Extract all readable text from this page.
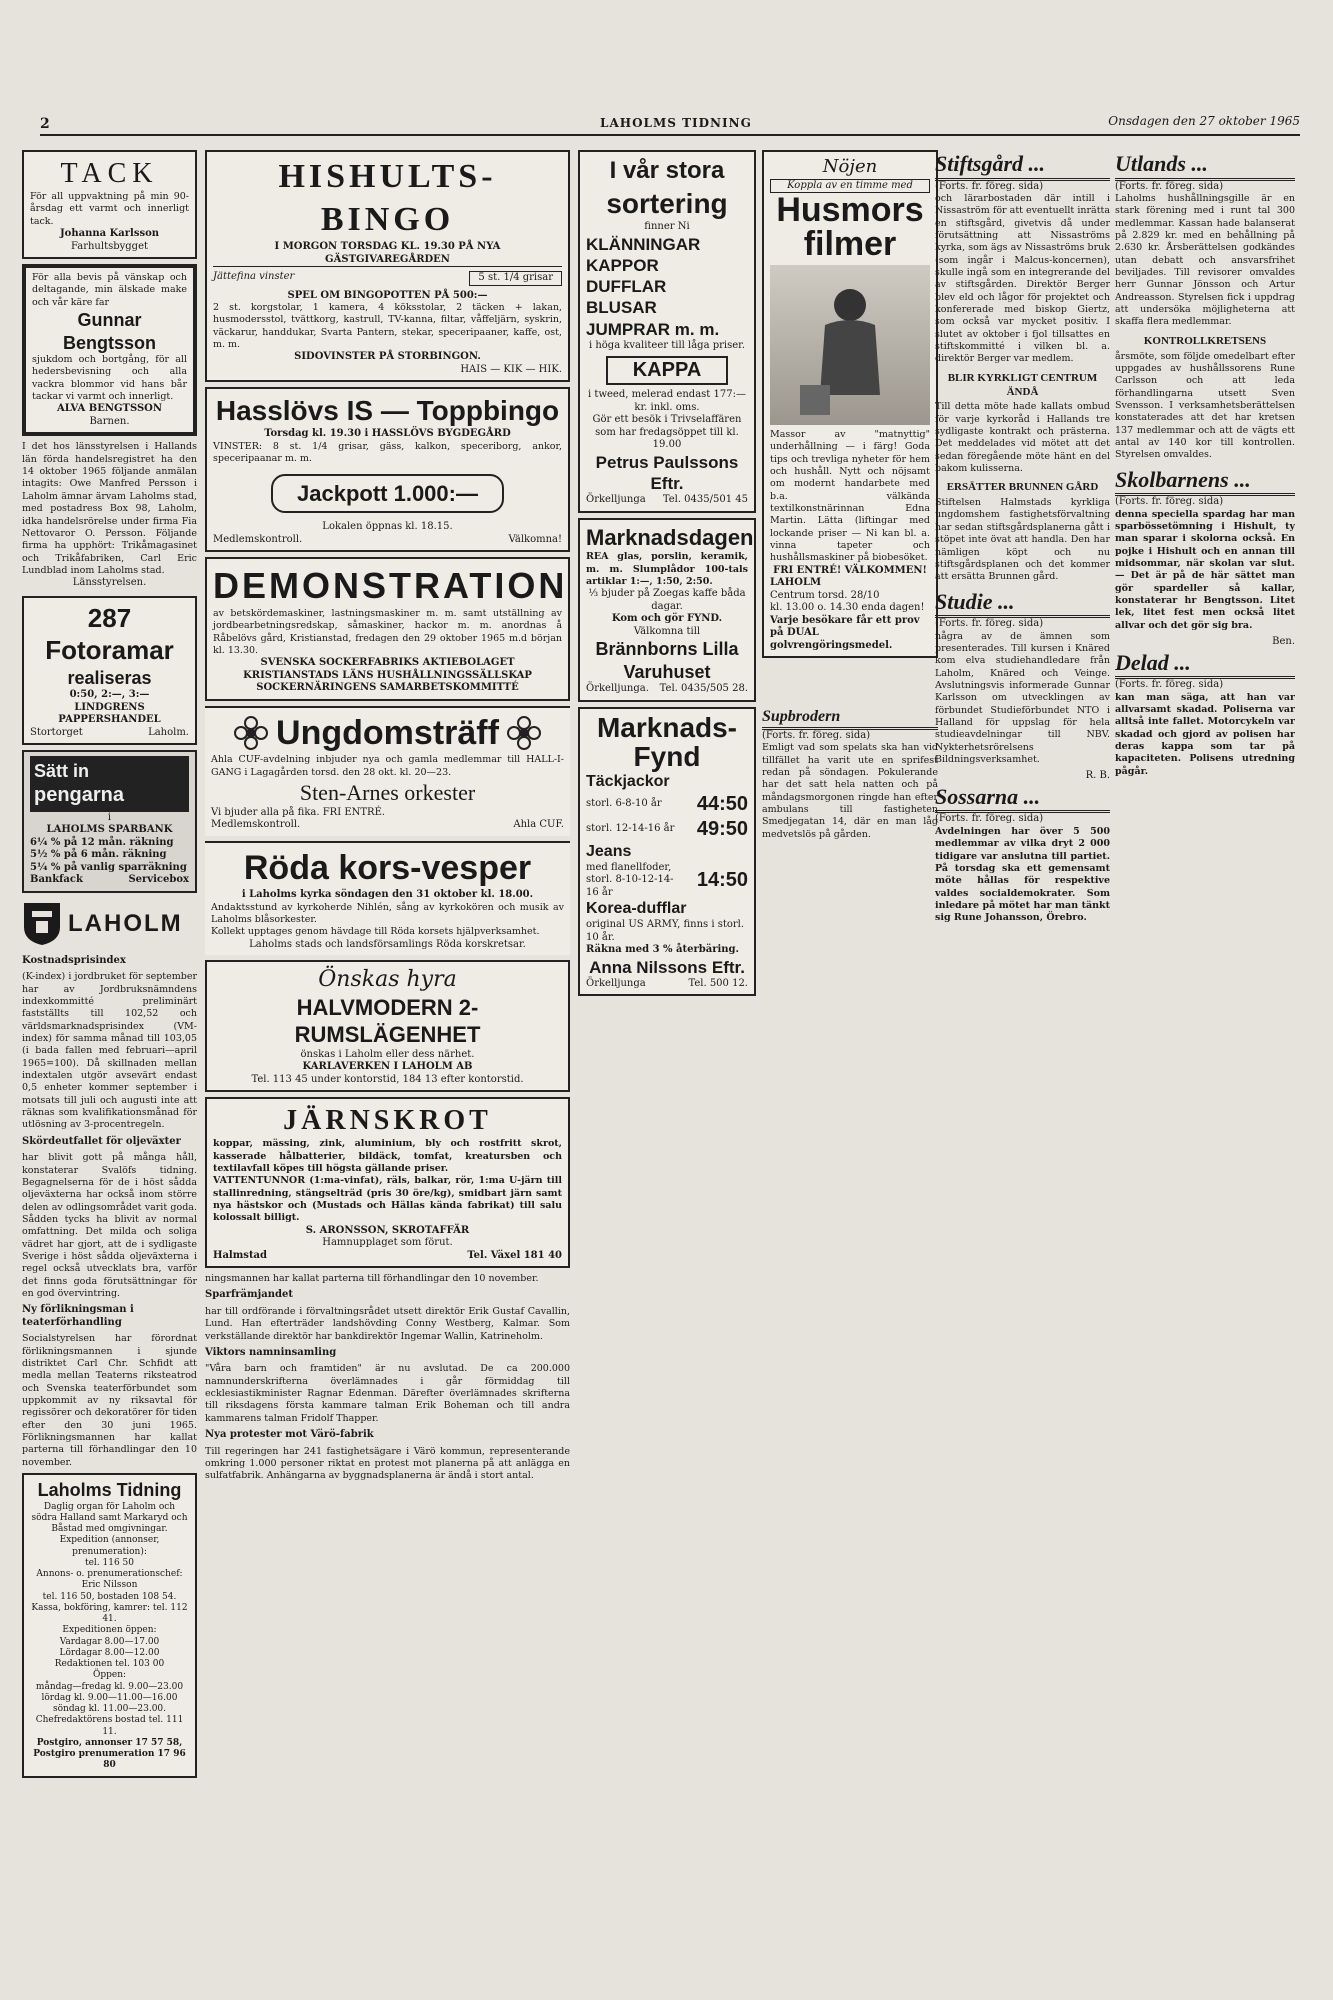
2	LAHOLMS TIDNING	Onsdagen den 27 oktober 1965
TACK
För all uppvaktning på min 90-årsdag ett varmt och innerligt tack.
Johanna Karlsson
Farhultsbygget
För alla bevis på vänskap och deltagande, min älskade make och vår käre far
Gunnar
Bengtsson
sjukdom och bortgång, för all hedersbevisning och alla vackra blommor vid hans bår tackar vi varmt och innerligt.
ALVA BENGTSSON
Barnen.
I det hos länsstyrelsen i Hallands län förda handelsregistret ha den 14 oktober 1965 följande anmälan intagits: Owe Manfred Persson i Laholm ämnar ärvam Laholms stad, med postadress Box 98, Laholm, idka handelsrörelse under firma Fia Nettovaror O. Persson. Följande firma ha upphört: Trikåmagasinet och Trikåfabriken, Carl Eric Lundblad inom Laholms stad.
Länsstyrelsen.
287 Fotoramar
realiseras
0:50, 2:—, 3:—
LINDGRENS PAPPERSHANDEL
Stortorget	Laholm.
Sätt in
pengarna
i
LAHOLMS SPARBANK
6¼ % på 12 mån. räkning
5½ % på 6 mån. räkning
5¼ % på vanlig sparräkning
Bankfack	Servicebox
LAHOLM
Kostnadsprisindex
(K-index) i jordbruket för september har av Jordbruksnämndens indexkommitté preliminärt fastställts till 102,52 och världsmarknadsprisindex (VM-index) för samma månad till 103,05 (i bada fallen med februari—april 1965=100). Då skillnaden mellan indextalen utgör avsevärt endast 0,5 enheter kommer september i motsats till juli och augusti inte att räknas som kvalifikationsmånad för utlösning av 3-procentregeln.
Skördeutfallet för oljeväxter
har blivit gott på många håll, konstaterar Svalöfs tidning. Begagnelserna för de i höst sådda oljeväxterna har också inom större delen av odlingsområdet varit goda. Sådden tycks ha blivit av normal omfattning. Det milda och soliga vädret har gjort, att de i sydligaste Sverige i höst sådda oljeväxterna i regel också utvecklats bra, varför det finns goda förutsättningar för en god övervintring.
Ny förlikningsman i teaterförhandling
Socialstyrelsen har förordnat förlikningsmannen i sjunde distriktet Carl Chr. Schfidt att medla mellan Teaterns riksteatrod och Svenska teaterförbundet som uppkommit av ny riksavtal för regissörer och dekoratörer för tiden efter den 30 juni 1965. Förlikningsmannen har kallat parterna till förhandlingar den 10 november.
Laholms Tidning
Daglig organ för Laholm och södra Halland samt Markaryd och Båstad med omgivningar.
Expedition (annonser, prenumeration):
tel. 116 50
Annons- o. prenumerationschef: Eric Nilsson
tel. 116 50, bostaden 108 54.
Kassa, bokföring, kamrer: tel. 112 41.
Expeditionen öppen:
Vardagar 8.00—17.00
Lördagar 8.00—12.00
Redaktionen tel. 103 00
Öppen:
måndag—fredag kl. 9.00—23.00
lördag kl. 9.00—11.00—16.00
söndag kl. 11.00—23.00.
Chefredaktörens bostad tel. 111 11.
Postgiro, annonser 17 57 58,
Postgiro prenumeration 17 96 80
HISHULTS-BINGO
I MORGON TORSDAG KL. 19.30 PÅ NYA GÄSTGIVAREGÅRDEN
Jättefina vinster	5 st. 1/4 grisar
SPEL OM BINGOPOTTEN PÅ 500:—
2 st. korgstolar, 1 kamera, 4 köksstolar, 2 täcken + lakan, husmodersstol, tvättkorg, kastrull, TV-kanna, filtar, våffeljärn, syskrin, väckarur, handdukar, Svarta Pantern, stekar, speceripaaner, kaffe, ost, m. m.
SIDOVINSTER PÅ STORBINGON.
HAIS — KIK — HIK.
Hasslövs IS — Toppbingo
Torsdag kl. 19.30 i HASSLÖVS BYGDEGÅRD
VINSTER: 8 st. 1/4 grisar, gäss, kalkon, speceriborg, ankor, speceripaanar m. m.
Jackpott 1.000:—
Lokalen öppnas kl. 18.15.
Medlemskontroll.	Välkomna!
DEMONSTRATION
av betskördemaskiner, lastningsmaskiner m. m. samt utställning av jordbearbetningsredskap, såmaskiner, hackor m. m. anordnas å Råbelövs gård, Kristianstad, fredagen den 29 oktober 1965 m.d början kl. 13.30.
SVENSKA SOCKERFABRIKS AKTIEBOLAGET KRISTIANSTADS LÄNS HUSHÅLLNINGSSÄLLSKAP SOCKERNÄRINGENS SAMARBETSKOMMITTÉ
Ungdomsträff
Ahla CUF-avdelning inbjuder nya och gamla medlemmar till HALL-I-GANG i Lagagården torsd. den 28 okt. kl. 20—23.
Sten-Arnes orkester
Vi bjuder alla på fika. FRI ENTRÉ.
Medlemskontroll.	Ahla CUF.
Röda kors-vesper
i Laholms kyrka söndagen den 31 oktober kl. 18.00.
Andaktsstund av kyrkoherde Nihlén, sång av kyrkokören och musik av Laholms blåsorkester.
Kollekt upptages genom hävdage till Röda korsets hjälpverksamhet.
Laholms stads och landsförsamlings Röda korskretsar.
Önskas hyra
HALVMODERN 2-RUMSLÄGENHET
önskas i Laholm eller dess närhet.
KARLAVERKEN I LAHOLM AB
Tel. 113 45 under kontorstid, 184 13 efter kontorstid.
JÄRNSKROT
koppar, mässing, zink, aluminium, bly och rostfritt skrot, kasserade hålbatterier, bildäck, tomfat, kreatursben och textilavfall köpes till högsta gällande priser.
VATTENTUNNOR (1:ma-vinfat), räls, balkar, rör, 1:ma U-järn till stallinredning, stängselträd (pris 30 öre/kg), smidbart järn samt nya hästskor och (Mustads och Hällas kända fabrikat) till salu kolossalt billigt.
S. ARONSSON, SKROTAFFÄR
Hamnupplaget som förut.
Halmstad	Tel. Växel 181 40
ningsmannen har kallat parterna till förhandlingar den 10 november.
Sparfrämjandet
har till ordförande i förvaltningsrådet utsett direktör Erik Gustaf Cavallin, Lund. Han efterträder landshövding Conny Westberg, Kalmar. Som verkställande direktör har bankdirektör Ingemar Wallin, Katrineholm.
Viktors namninsamling
"Våra barn och framtiden" är nu avslutad. De ca 200.000 namnunderskrifterna överlämnades i går förmiddag till ecklesiastikminister Ragnar Edenman. Därefter överlämnades skrifterna till riksdagens första kammare talman Erik Boheman och till andra kammarens talman Fridolf Thapper.
Nya protester mot Värö-fabrik
Till regeringen har 241 fastighetsägare i Värö kommun, representerande omkring 1.000 personer riktat en protest mot planerna på att anlägga en sulfatfabrik. Anhängarna av byggnadsplanerna är ändå i stort antal.
I vår stora
sortering
finner Ni
KLÄNNINGAR
KAPPOR
DUFFLAR
BLUSAR
JUMPRAR m. m.
i höga kvaliteer till låga priser.
KAPPA
i tweed, melerad endast 177:— kr. inkl. oms.
Gör ett besök i Trivselaffären som har fredagsöppet till kl. 19.00
Petrus Paulssons Eftr.
Örkelljunga Tel. 0435/501 45
Marknadsdagen
REA glas, porslin, keramik, m. m. Slumplådor 100-tals artiklar 1:—, 1:50, 2:50.
⅓ bjuder på Zoegas kaffe båda dagar.
Kom och gör FYND.
Välkomna till
Brännborns Lilla Varuhuset
Örkelljunga. Tel. 0435/505 28.
Nöjen
Koppla av en timme med
Husmors filmer
Massor av "matnyttig" underhållning — i färg! Goda tips och trevliga nyheter för hem och hushåll. Nytt och nöjsamt om modernt handarbete med b.a. välkända textilkonstnärinnan Edna Martin. Lätta (liftingar med lockande priser — Ni kan bl. a. vinna tapeter och hushållsmaskiner på biobesöket.
FRI ENTRÉ! VÄLKOMMEN!
LAHOLM
Centrum torsd. 28/10
kl. 13.00 o. 14.30 enda dagen!
Varje besökare får ett prov på DUAL golvrengöringsmedel.
Marknads-Fynd
Täckjackor
storl. 6-8-10 år 44:50
storl. 12-14-16 år 49:50
Jeans
med flanellfoder, storl. 8-10-12-14-16 år
14:50
Korea-dufflar
original US ARMY, finns i storl. 10 år.
Räkna med 3 % återbäring.
Anna Nilssons Eftr.
Örkelljunga	Tel. 500 12.
Supbrodern
(Forts. fr. föreg. sida)
Emligt vad som spelats ska han vid tillfället ha varit ute en sprifest redan på söndagen. Pokulerande har det satt hela natten och på måndagsmorgonen ringde han efter ambulans till fastigheten Smedjegatan 14, där en man låg medvetslös på gården.
Stiftsgård ...
(Forts. fr. föreg. sida)
och lärarbostaden där intill i Nissaström för att eventuellt inrätta en stiftsgård, givetvis då under förutsättning att Nissaströms kyrka, som ägs av Nissaströms bruk (som ingår i Malcus-koncernen), skulle ingå som en integrerande del av stiftsgården. Direktör Berger blev eld och lågor för projektet och konfererade med biskop Giertz, som också var mycket positiv. I slutet av oktober i fjol tillsattes en stiftskommitté i vilken bl. a. direktör Berger var medlem.
BLIR KYRKLIGT CENTRUM ÄNDÅ
Till detta möte hade kallats ombud för varje kyrkoråd i Hallands tre sydligaste kontrakt och prästerna. Det meddelades vid mötet att det sedan föregående möte hänt en del bakom kulisserna.
ERSÄTTER BRUNNEN GÅRD
Stiftelsen Halmstads kyrkliga ungdomshem fastighetsförvaltning har sedan stiftsgårdsplanerna gått i stöpet inte övat att handla. Den har nämligen köpt och nu stiftsgårdsplanen och det kommer att ersätta Brunnen gård.
Studie ...
(Forts. fr. föreg. sida)
några av de ämnen som presenterades. Till kursen i Knäred kom elva studiehandledare från Laholm, Knäred och Veinge. Avslutningsvis informerade Gunnar Karlsson om utvecklingen av förbundet Studieförbundet NTO i Halland för uppslag för hela studieavdelningar till NBV. Nykterhetsrörelsens Bildningsverksamhet.
R. B.
Sossarna ...
(Forts. fr. föreg. sida)
Avdelningen har över 5 500 medlemmar av vilka dryt 2 000 tidigare var anslutna till partiet. På torsdag ska ett gemensamt möte hållas för respektive valdes socialdemokrater. Som inledare på mötet har man tänkt sig Rune Johansson, Örebro.
Utlands ...
(Forts. fr. föreg. sida)
Laholms hushållningsgille är en stark förening med i runt tal 300 medlemmar. Kassan hade balanserat på 2.829 kr. med en behållning på 2.630 kr. Årsberättelsen godkändes utan debatt och ansvarsfrihet beviljades. Till revisorer omvaldes herr Gunnar Jönsson och Artur Andreasson. Styrelsen fick i uppdrag att undersöka möjligheterna att skaffa flera medlemmar.
KONTROLLKRETSENS
årsmöte, som följde omedelbart efter uppgades av hushållssorens Rune Carlsson och att leda förhandlingarna utsett Sven Svensson. I verksamhetsberättelsen konstaterades att det har kretsen 137 medlemmar och att de vägts ett antal av 140 kor till kontrollen. Styrelsen omvaldes.
Skolbarnens ...
(Forts. fr. föreg. sida)
denna speciella spardag har man sparbössetömning i Hishult, ty man sparar i skolorna också. En pojke i Hishult och en annan till midsommar, när skolan var slut. — Det är på de här sättet man gör spardeller så kallar, konstaterar hr Bengtsson. Litet lek, litet fest men också litet allvar och det gör sig bra.
Ben.
Delad ...
(Forts. fr. föreg. sida)
kan man säga, att han var allvarsamt skadad. Poliserna var alltså inte fallet. Motorcykeln var skadad och gjord av polisen har deras kappa som tar på kapaciteten. Polisens utredning pågår.
